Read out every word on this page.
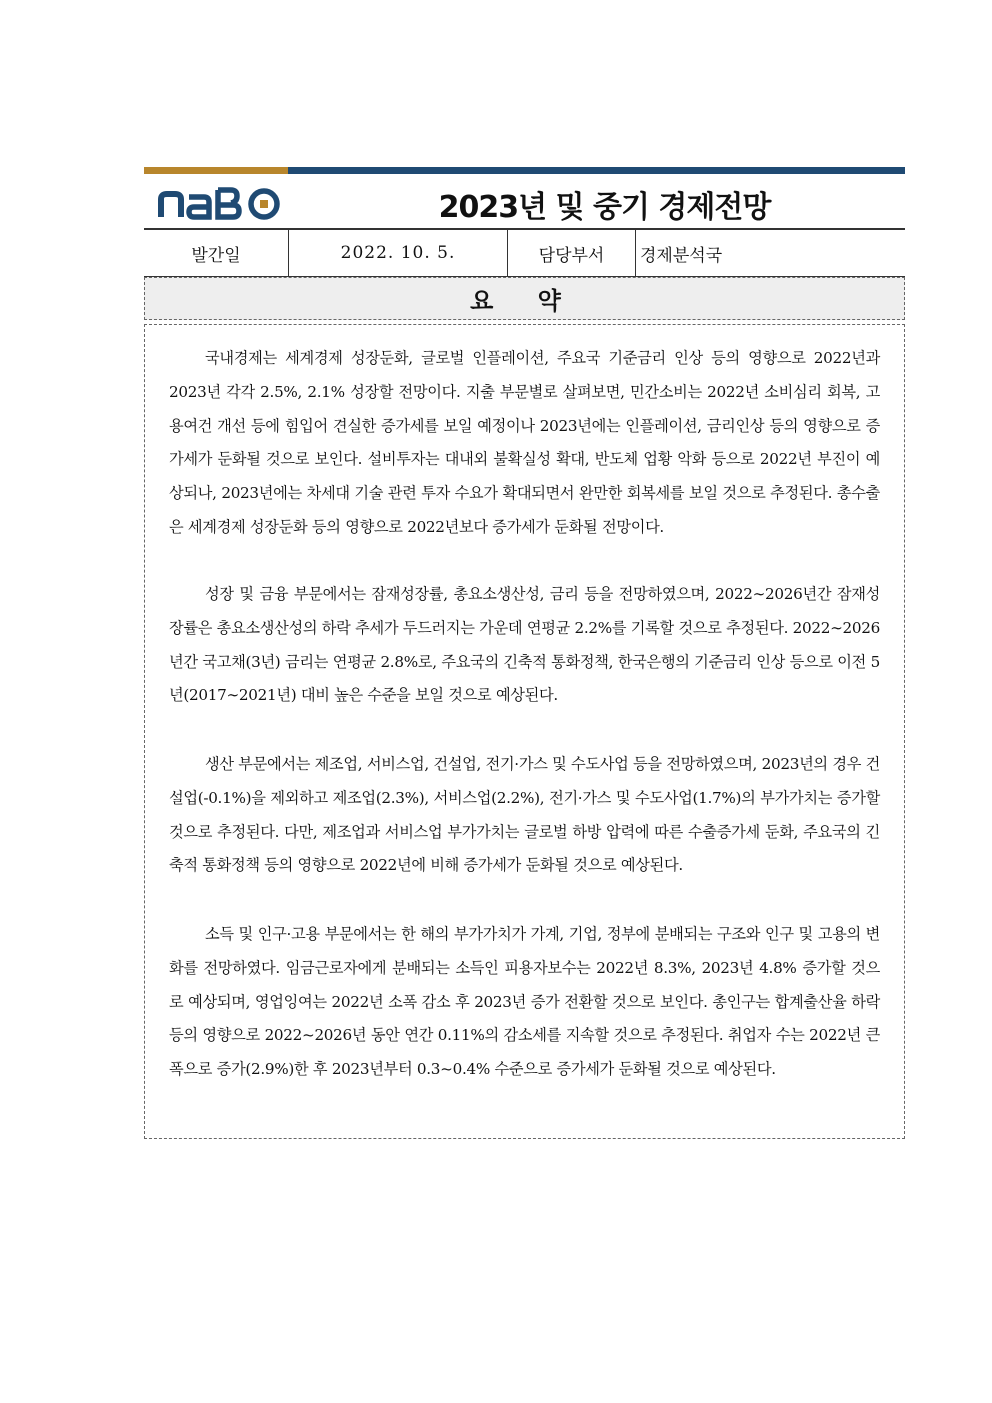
2023년 및 중기 경제전망
발간일	2022. 10. 5.	담당부서	경제분석국
요 약

국내경제는 세계경제 성장둔화, 글로벌 인플레이션, 주요국 기준금리 인상 등의 영향으로 2022년과 2023년 각각 2.5%, 2.1% 성장할 전망이다. 지출 부문별로 살펴보면, 민간소비는 2022년 소비심리 회복, 고용여건 개선 등에 힘입어 견실한 증가세를 보일 예정이나 2023년에는 인플레이션, 금리인상 등의 영향으로 증가세가 둔화될 것으로 보인다. 설비투자는 대내외 불확실성 확대, 반도체 업황 악화 등으로 2022년 부진이 예상되나, 2023년에는 차세대 기술 관련 투자 수요가 확대되면서 완만한 회복세를 보일 것으로 추정된다. 총수출은 세계경제 성장둔화 등의 영향으로 2022년보다 증가세가 둔화될 전망이다.

성장 및 금융 부문에서는 잠재성장률, 총요소생산성, 금리 등을 전망하였으며, 2022∼2026년간 잠재성장률은 총요소생산성의 하락 추세가 두드러지는 가운데 연평균 2.2%를 기록할 것으로 추정된다. 2022∼2026년간 국고채(3년) 금리는 연평균 2.8%로, 주요국의 긴축적 통화정책, 한국은행의 기준금리 인상 등으로 이전 5년(2017∼2021년) 대비 높은 수준을 보일 것으로 예상된다.

생산 부문에서는 제조업, 서비스업, 건설업, 전기·가스 및 수도사업 등을 전망하였으며, 2023년의 경우 건설업(-0.1%)을 제외하고 제조업(2.3%), 서비스업(2.2%), 전기·가스 및 수도사업(1.7%)의 부가가치는 증가할 것으로 추정된다. 다만, 제조업과 서비스업 부가가치는 글로벌 하방 압력에 따른 수출증가세 둔화, 주요국의 긴축적 통화정책 등의 영향으로 2022년에 비해 증가세가 둔화될 것으로 예상된다.

소득 및 인구·고용 부문에서는 한 해의 부가가치가 가계, 기업, 정부에 분배되는 구조와 인구 및 고용의 변화를 전망하였다. 임금근로자에게 분배되는 소득인 피용자보수는 2022년 8.3%, 2023년 4.8% 증가할 것으로 예상되며, 영업잉여는 2022년 소폭 감소 후 2023년 증가 전환할 것으로 보인다. 총인구는 합계출산율 하락 등의 영향으로 2022~2026년 동안 연간 0.11%의 감소세를 지속할 것으로 추정된다. 취업자 수는 2022년 큰 폭으로 증가(2.9%)한 후 2023년부터 0.3~0.4% 수준으로 증가세가 둔화될 것으로 예상된다.
